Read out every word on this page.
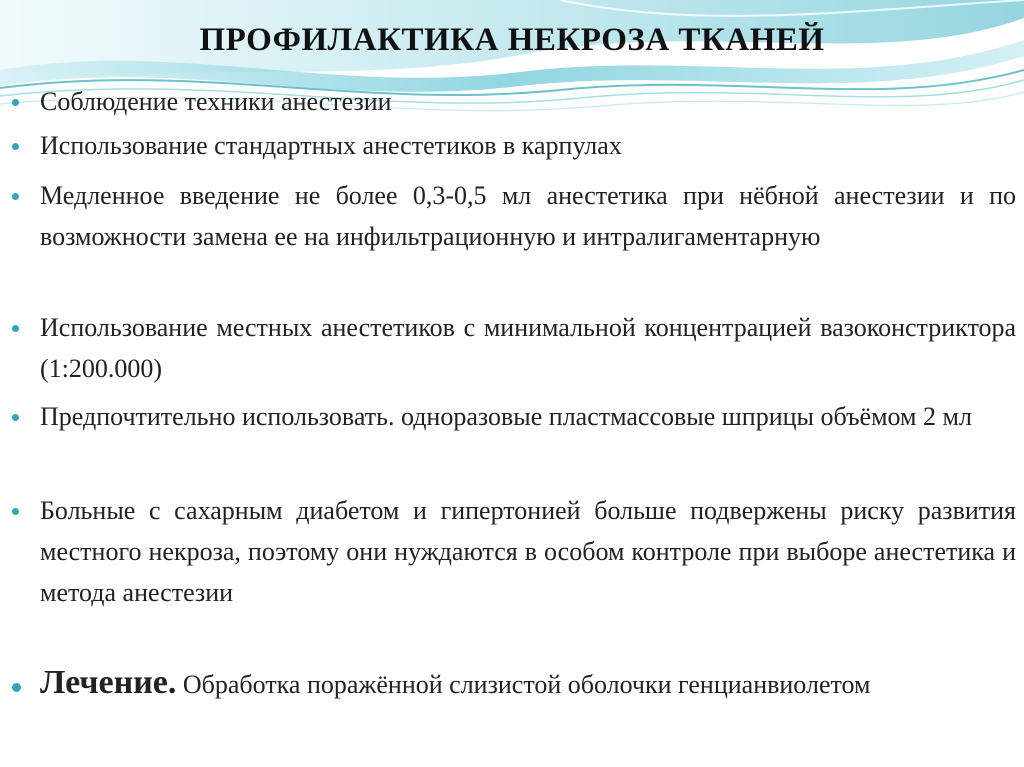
ПРОФИЛАКТИКА НЕКРОЗА ТКАНЕЙ
Соблюдение техники анестезии
Использование стандартных анестетиков в карпулах
Медленное введение не более 0,3-0,5 мл анестетика при нёбной анестезии и по возможности замена ее на инфильтрационную и интралигаментарную
Использование местных анестетиков с минимальной концентрацией вазоконстриктора (1:200.000)
Предпочтительно использовать. одноразовые пластмассовые шприцы объёмом 2 мл
Больные с сахарным диабетом и гипертонией больше подвержены риску развития местного некроза, поэтому они нуждаются в особом контроле при выборе анестетика и метода анестезии
Лечение. Обработка поражённой слизистой оболочки генцианвиолетом
